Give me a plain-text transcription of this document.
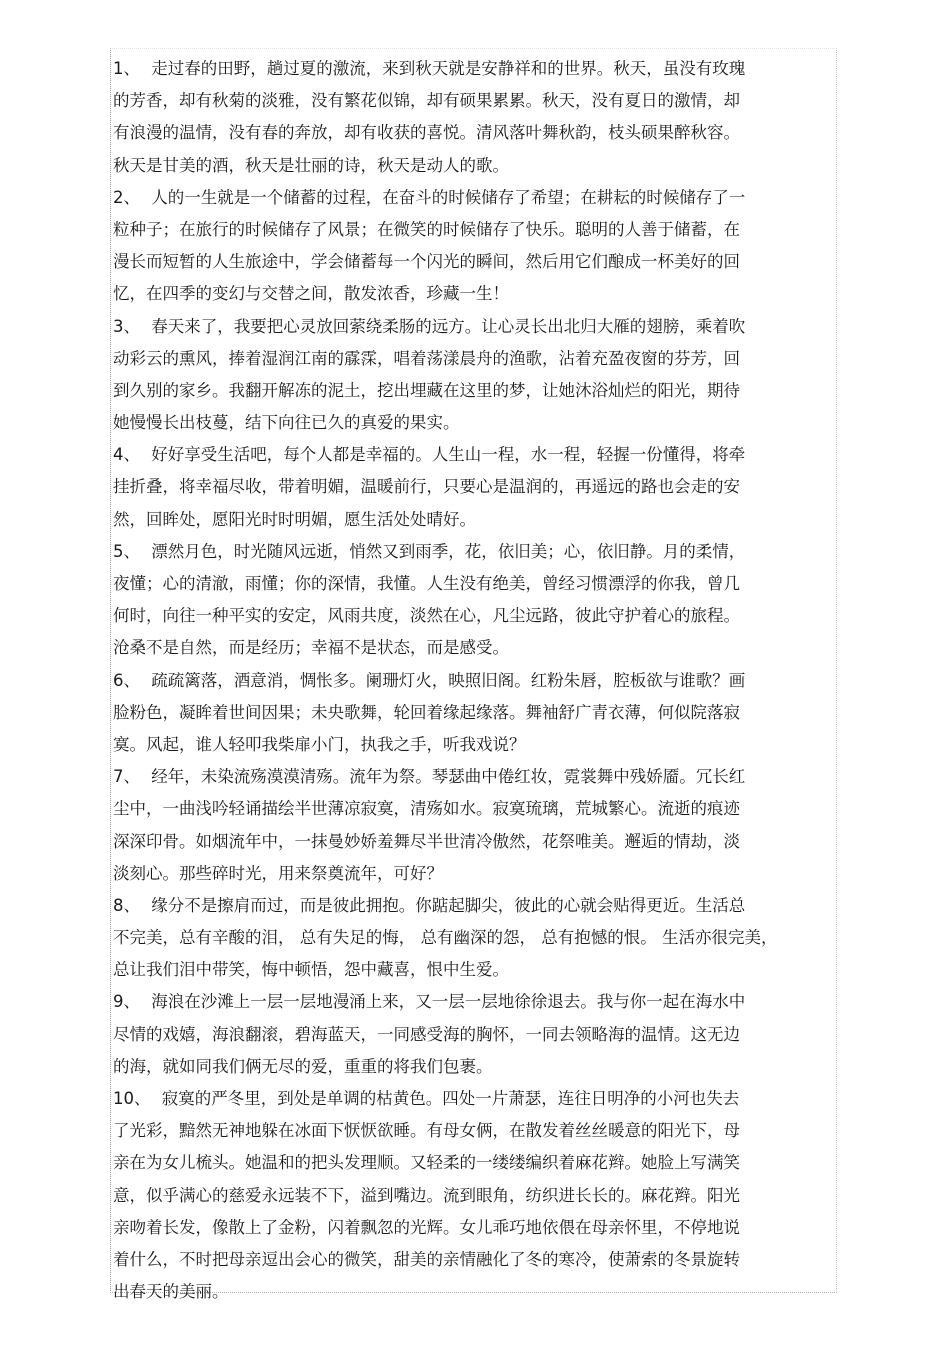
1、 走过春的田野，趟过夏的激流，来到秋天就是安静祥和的世界。秋天，虽没有玫瑰
的芳香，却有秋菊的淡雅，没有繁花似锦，却有硕果累累。秋天，没有夏日的激情，却
有浪漫的温情，没有春的奔放，却有收获的喜悦。清风落叶舞秋韵，枝头硕果醉秋容。
秋天是甘美的酒，秋天是壮丽的诗，秋天是动人的歌。
2、 人的一生就是一个储蓄的过程，在奋斗的时候储存了希望；在耕耘的时候储存了一
粒种子；在旅行的时候储存了风景；在微笑的时候储存了快乐。聪明的人善于储蓄，在
漫长而短暂的人生旅途中，学会储蓄每一个闪光的瞬间，然后用它们酿成一杯美好的回
忆，在四季的变幻与交替之间，散发浓香，珍藏一生！
3、 春天来了，我要把心灵放回萦绕柔肠的远方。让心灵长出北归大雁的翅膀，乘着吹
动彩云的熏风，捧着湿润江南的霡霂，唱着荡漾晨舟的渔歌，沾着充盈夜窗的芬芳，回
到久别的家乡。我翻开解冻的泥土，挖出埋藏在这里的梦，让她沐浴灿烂的阳光，期待
她慢慢长出枝蔓，结下向往已久的真爱的果实。
4、 好好享受生活吧，每个人都是幸福的。人生山一程，水一程，轻握一份懂得，将牵
挂折叠，将幸福尽收，带着明媚，温暖前行，只要心是温润的，再遥远的路也会走的安
然，回眸处，愿阳光时时明媚，愿生活处处晴好。
5、 漂然月色，时光随风远逝，悄然又到雨季，花，依旧美；心，依旧静。月的柔情，
夜懂；心的清澈，雨懂；你的深情，我懂。人生没有绝美，曾经习惯漂浮的你我，曾几
何时，向往一种平实的安定，风雨共度，淡然在心，凡尘远路，彼此守护着心的旅程。
沧桑不是自然，而是经历；幸福不是状态，而是感受。
6、 疏疏篱落，酒意消，惆怅多。阑珊灯火，映照旧阁。红粉朱唇，腔板欲与谁歌？画
脸粉色，凝眸着世间因果；未央歌舞，轮回着缘起缘落。舞袖舒广青衣薄，何似院落寂
寞。风起，谁人轻叩我柴扉小门，执我之手，听我戏说？
7、 经年，未染流殇漠漠清殇。流年为祭。琴瑟曲中倦红妆，霓裳舞中残娇靥。冗长红
尘中，一曲浅吟轻诵描绘半世薄凉寂寞，清殇如水。寂寞琉璃，荒城繁心。流逝的痕迹
深深印骨。如烟流年中，一抹曼妙娇羞舞尽半世清冷傲然，花祭唯美。邂逅的情劫，淡
淡刻心。那些碎时光，用来祭奠流年，可好？
8、 缘分不是擦肩而过，而是彼此拥抱。你踮起脚尖，彼此的心就会贴得更近。生活总
不完美，总有辛酸的泪， 总有失足的悔， 总有幽深的怨， 总有抱憾的恨。 生活亦很完美，
总让我们泪中带笑，悔中顿悟，怨中藏喜，恨中生爱。
9、 海浪在沙滩上一层一层地漫涌上来，又一层一层地徐徐退去。我与你一起在海水中
尽情的戏嬉，海浪翻滚，碧海蓝天，一同感受海的胸怀，一同去领略海的温情。这无边
的海，就如同我们俩无尽的爱，重重的将我们包裹。
10、 寂寞的严冬里，到处是单调的枯黄色。四处一片萧瑟，连往日明净的小河也失去
了光彩，黯然无神地躲在冰面下恹恹欲睡。有母女俩，在散发着丝丝暖意的阳光下，母
亲在为女儿梳头。她温和的把头发理顺。又轻柔的一缕缕编织着麻花辫。她脸上写满笑
意，似乎满心的慈爱永远装不下，溢到嘴边。流到眼角，纺织进长长的。麻花辫。阳光
亲吻着长发，像散上了金粉，闪着飘忽的光辉。女儿乖巧地依偎在母亲怀里，不停地说
着什么，不时把母亲逗出会心的微笑，甜美的亲情融化了冬的寒冷，使萧索的冬景旋转
出春天的美丽。
